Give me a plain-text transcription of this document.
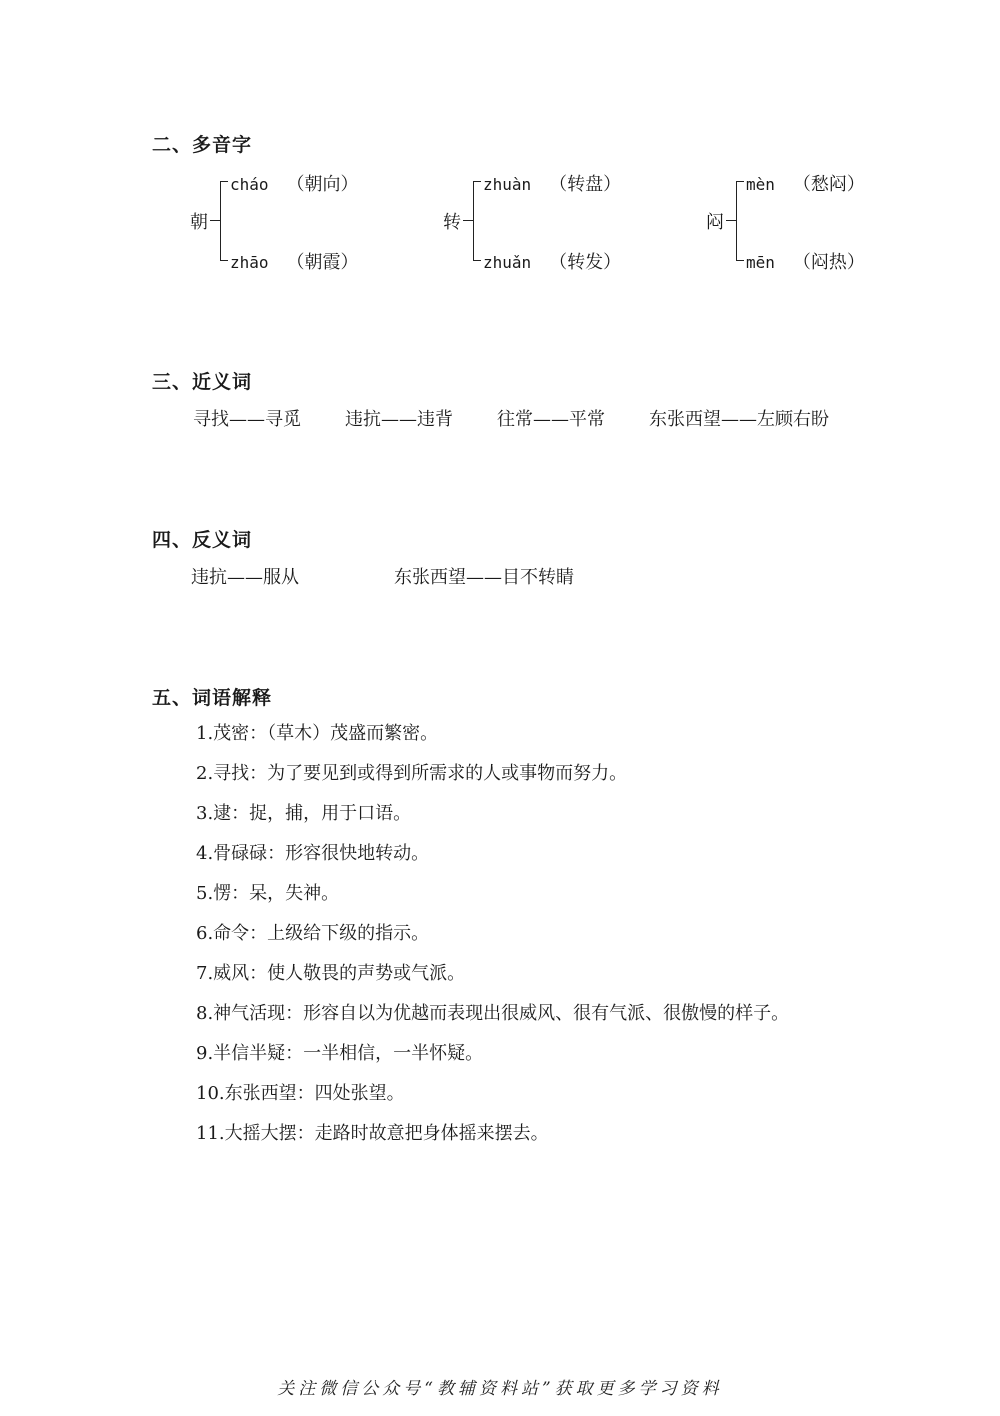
二、多音字
朝
cháo （朝向）
zhāo （朝霞）
转
zhuàn （转盘）
zhuǎn （转发）
闷
mèn （愁闷）
mēn （闷热）
三、近义词
寻找——寻觅 违抗——违背 往常——平常 东张西望——左顾右盼
四、反义词
违抗——服从	东张西望——目不转睛
五、词语解释
1.茂密：（草木）茂盛而繁密。
2.寻找：为了要见到或得到所需求的人或事物而努力。
3.逮：捉，捕，用于口语。
4.骨碌碌：形容很快地转动。
5.愣：呆，失神。
6.命令：上级给下级的指示。
7.威风：使人敬畏的声势或气派。
8.神气活现：形容自以为优越而表现出很威风、很有气派、很傲慢的样子。
9.半信半疑：一半相信，一半怀疑。
10.东张西望：四处张望。
11.大摇大摆：走路时故意把身体摇来摆去。
关注微信公众号“教辅资料站”获取更多学习资料
